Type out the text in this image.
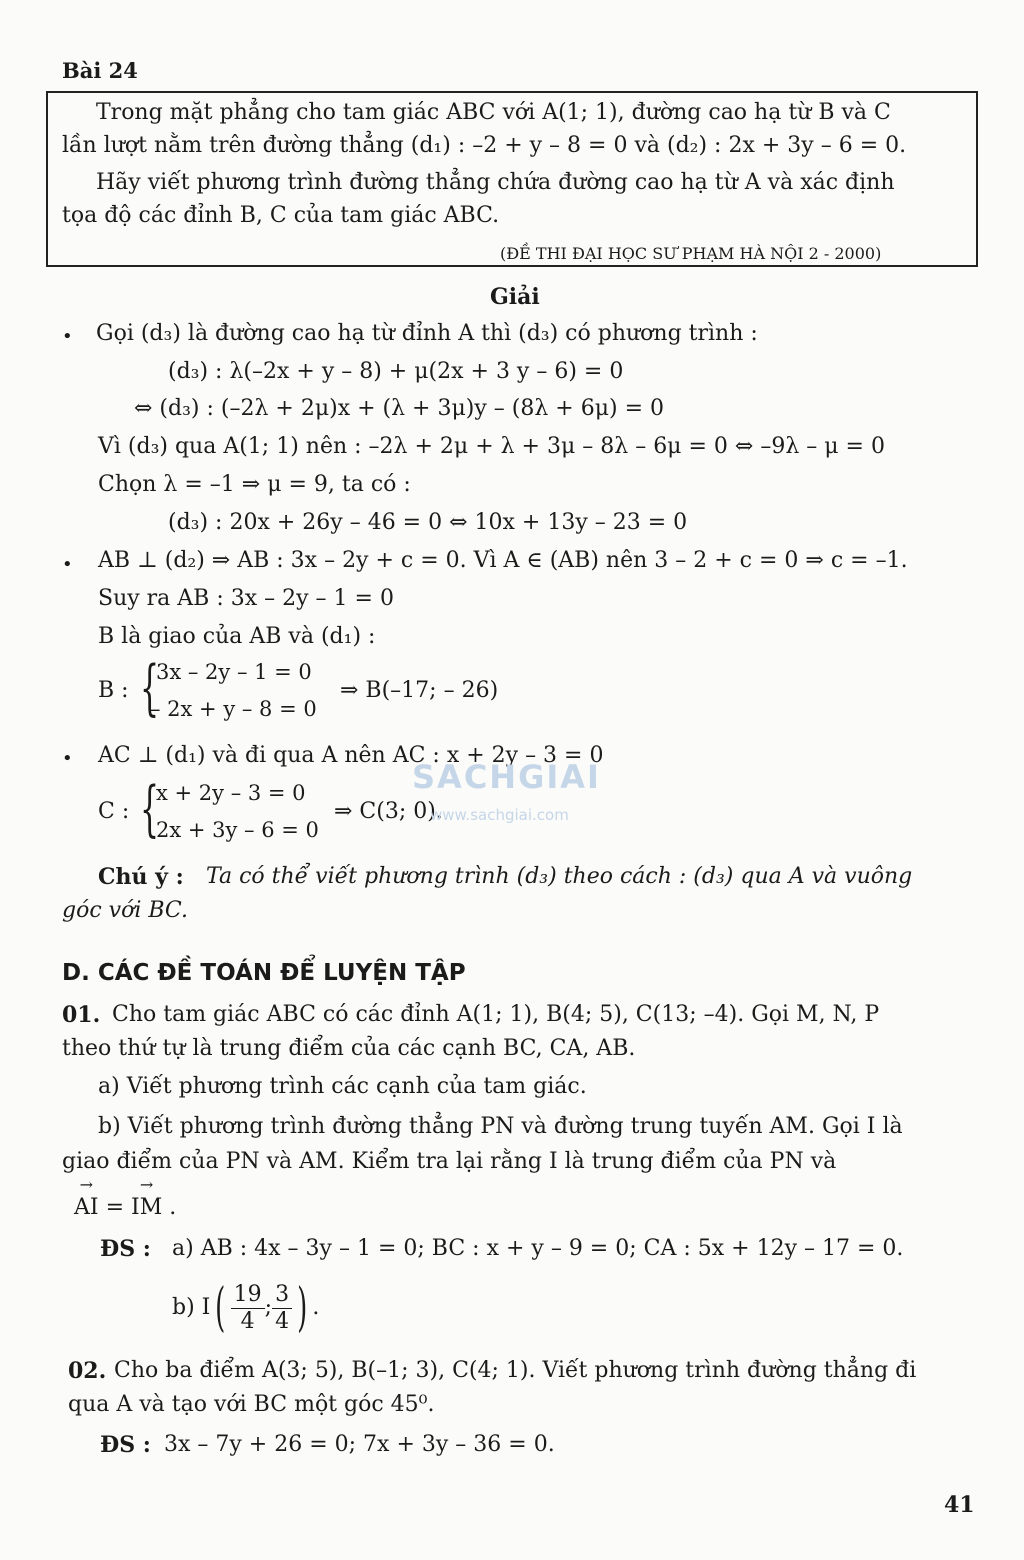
Bài 24
Trong mặt phẳng cho tam giác ABC với A(1; 1), đường cao hạ từ B và C
lần lượt nằm trên đường thẳng (d₁) : –2 + y – 8 = 0 và (d₂) : 2x + 3y – 6 = 0.
Hãy viết phương trình đường thẳng chứa đường cao hạ từ A và xác định
tọa độ các đỉnh B, C của tam giác ABC.
(ĐỀ THI ĐẠI HỌC SƯ PHẠM HÀ NỘI 2 - 2000)
Giải
• Gọi (d₃) là đường cao hạ từ đỉnh A thì (d₃) có phương trình :
(d₃) : λ(–2x + y – 8) + μ(2x + 3 y – 6) = 0
⇔ (d₃) : (–2λ + 2μ)x + (λ + 3μ)y – (8λ + 6μ) = 0
Vì (d₃) qua A(1; 1) nên : –2λ + 2μ + λ + 3μ – 8λ – 6μ = 0 ⇔ –9λ – μ = 0
Chọn λ = –1 ⇒ μ = 9, ta có :
(d₃) : 20x + 26y – 46 = 0 ⇔ 10x + 13y – 23 = 0
• AB ⊥ (d₂) ⇒ AB : 3x – 2y + c = 0. Vì A ∈ (AB) nên 3 – 2 + c = 0 ⇒ c = –1.
Suy ra AB : 3x – 2y – 1 = 0
B là giao của AB và (d₁) :
B : {
3x – 2y – 1 = 0
– 2x + y – 8 = 0
⇒ B(–17; – 26)
• AC ⊥ (d₁) và đi qua A nên AC : x + 2y – 3 = 0
C : {
x + 2y – 3 = 0
2x + 3y – 6 = 0
⇒ C(3; 0).
Chú ý : Ta có thể viết phương trình (d₃) theo cách : (d₃) qua A và vuông
góc với BC.
D. CÁC ĐỀ TOÁN ĐỂ LUYỆN TẬP
01. Cho tam giác ABC có các đỉnh A(1; 1), B(4; 5), C(13; –4). Gọi M, N, P
theo thứ tự là trung điểm của các cạnh BC, CA, AB.
a) Viết phương trình các cạnh của tam giác.
b) Viết phương trình đường thẳng PN và đường trung tuyến AM. Gọi I là
giao điểm của PN và AM. Kiểm tra lại rằng I là trung điểm của PN và
→ AI = → IM .
ĐS : a) AB : 4x – 3y – 1 = 0; BC : x + y – 9 = 0; CA : 5x + 12y – 17 = 0.
b) $I( \frac{19}{4}$ ; $\frac{3}{4}$ ) .
02. Cho ba điểm A(3; 5), B(–1; 3), C(4; 1). Viết phương trình đường thẳng đi
qua A và tạo với BC một góc 45⁰.
ĐS : 3x – 7y + 26 = 0; 7x + 3y – 36 = 0.
SACHGIAI
www.sachgiai.com
41
